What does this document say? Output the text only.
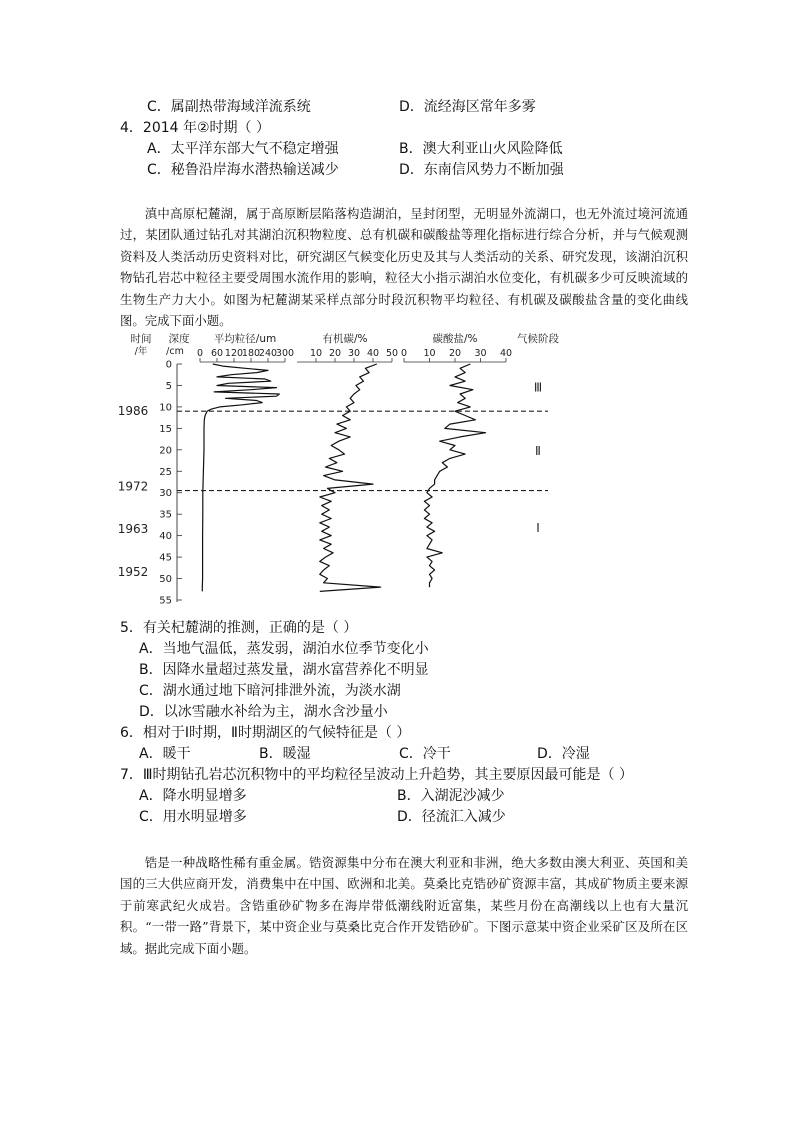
C．属副热带海域洋流系统	D．流经海区常年多雾
4．2014 年②时期（ ）
A．太平洋东部大气不稳定增强	B．澳大利亚山火风险降低
C．秘鲁沿岸海水潜热输送减少	D．东南信风势力不断加强

滇中高原杞麓湖，属于高原断层陷落构造湖泊，呈封闭型，无明显外流湖口，也无外流过境河流通过，某团队通过钻孔对其湖泊沉积物粒度、总有机碳和碳酸盐等理化指标进行综合分析，并与气候观测资料及人类活动历史资料对比，研究湖区气候变化历史及其与人类活动的关系、研究发现，该湖泊沉积物钻孔岩芯中粒径主要受周围水流作用的影响，粒径大小指示湖泊水位变化，有机碳多少可反映流域的生物生产力大小。如图为杞麓湖某采样点部分时段沉积物平均粒径、有机碳及碳酸盐含量的变化曲线图。完成下面小题。

时间
/年
深度
/cm
平均粒径/um	有机碳/%	碳酸盐/%	气候阶段
0 60 120
180
240
300 10 20 30 40 50 0 10 20 30 40
0
5
10
15
20
25
30
35
40
45
50
55
1986
1972
1963
1952
Ⅲ
Ⅱ
Ⅰ
5．有关杞麓湖的推测，正确的是（ ）
A．当地气温低，蒸发弱，湖泊水位季节变化小
B．因降水量超过蒸发量，湖水富营养化不明显
C．湖水通过地下暗河排泄外流，为淡水湖
D．以冰雪融水补给为主，湖水含沙量小
6．相对于Ⅰ时期，Ⅱ时期湖区的气候特征是（ ）
A．暖干	B．暖湿	C．冷干	D．冷湿
7．Ⅲ时期钻孔岩芯沉积物中的平均粒径呈波动上升趋势，其主要原因最可能是（ ）
A．降水明显增多	B．入湖泥沙减少
C．用水明显增多	D．径流汇入减少

锆是一种战略性稀有重金属。锆资源集中分布在澳大利亚和非洲，绝大多数由澳大利亚、英国和美国的三大供应商开发，消费集中在中国、欧洲和北美。莫桑比克锆砂矿资源丰富，其成矿物质主要来源于前寒武纪火成岩。含锆重砂矿物多在海岸带低潮线附近富集，某些月份在高潮线以上也有大量沉积。“一带一路”背景下，某中资企业与莫桑比克合作开发锆砂矿。下图示意某中资企业采矿区及所在区域。据此完成下面小题。
